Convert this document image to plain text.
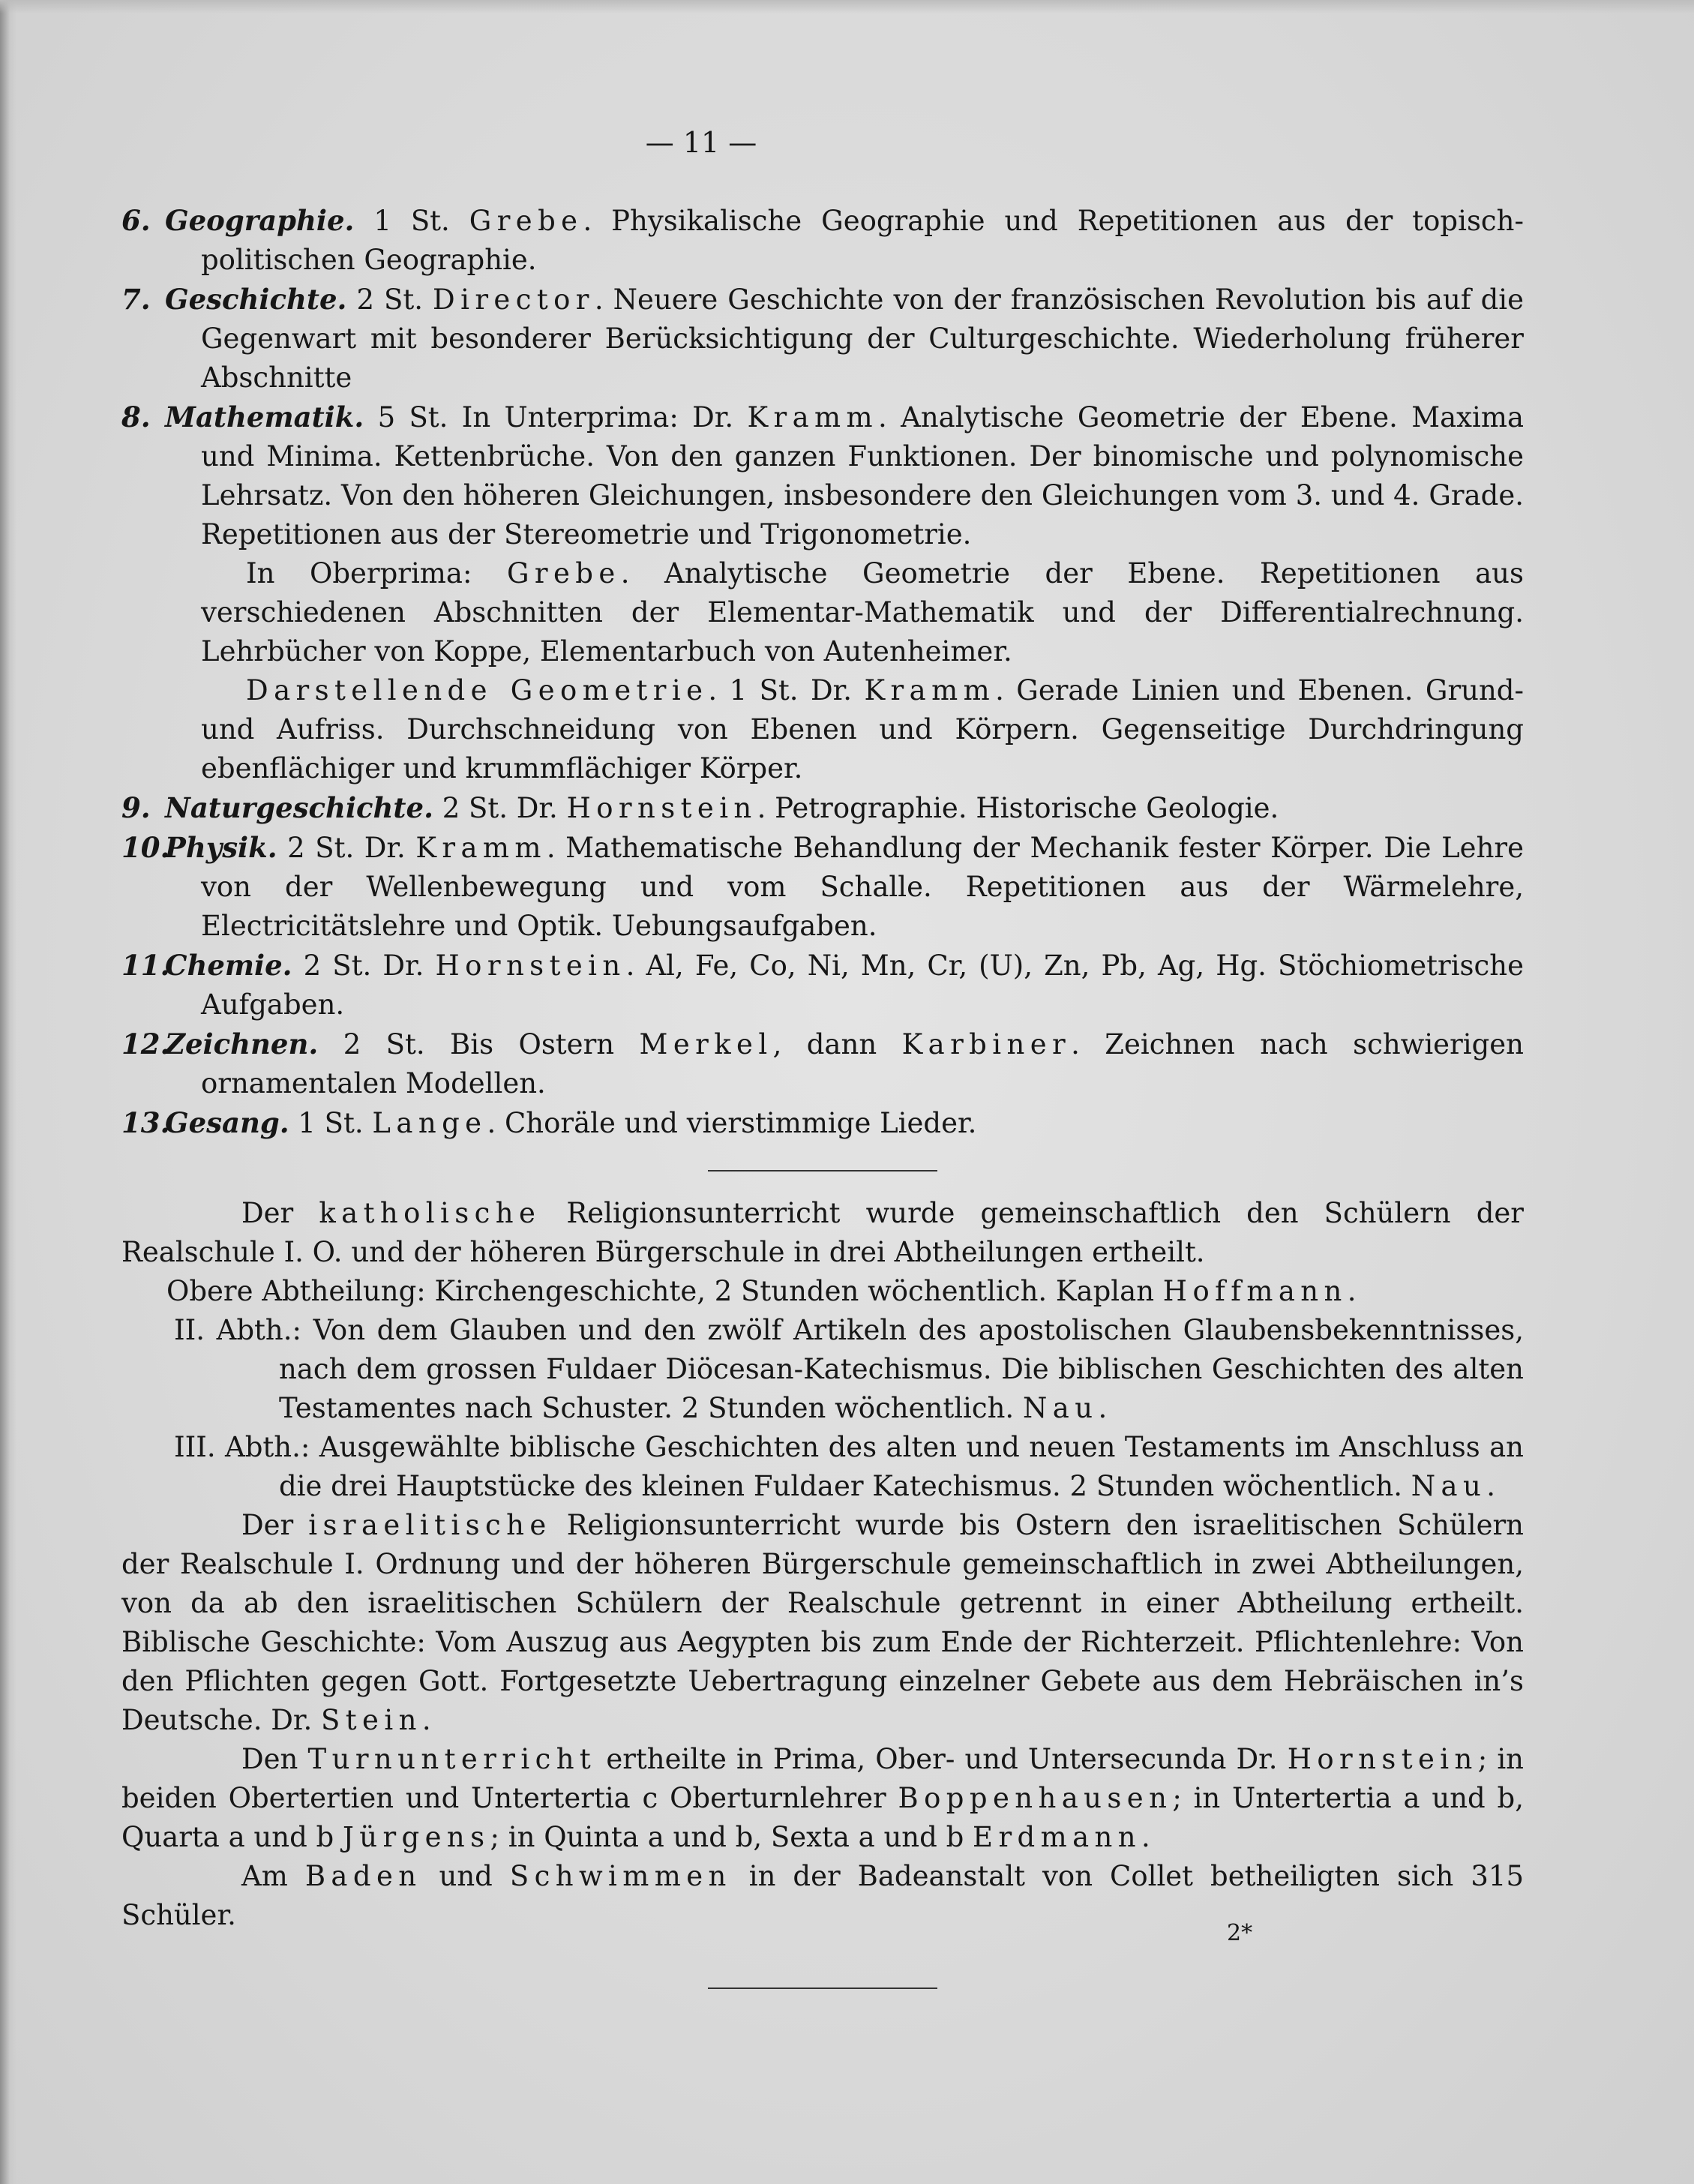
— 11 —

6. Geographie. 1 St. Grebe. Physikalische Geographie und Repetitionen aus der topisch-politischen Geographie.

7. Geschichte. 2 St. Director. Neuere Geschichte von der französischen Revolution bis auf die Gegenwart mit besonderer Berücksichtigung der Culturgeschichte. Wiederholung früherer Abschnitte

8. Mathematik. 5 St. In Unterprima: Dr. Kramm. Analytische Geometrie der Ebene. Maxima und Minima. Kettenbrüche. Von den ganzen Funktionen. Der binomische und polynomische Lehrsatz. Von den höheren Gleichungen, insbesondere den Gleichungen vom 3. und 4. Grade. Repetitionen aus der Stereometrie und Trigonometrie.

In Oberprima: Grebe. Analytische Geometrie der Ebene. Repetitionen aus verschiedenen Abschnitten der Elementar-Mathematik und der Differentialrechnung. Lehrbücher von Koppe, Elementarbuch von Autenheimer.

Darstellende Geometrie. 1 St. Dr. Kramm. Gerade Linien und Ebenen. Grund- und Aufriss. Durchschneidung von Ebenen und Körpern. Gegenseitige Durchdringung ebenflächiger und krummflächiger Körper.

9. Naturgeschichte. 2 St. Dr. Hornstein. Petrographie. Historische Geologie.

10.Physik. 2 St. Dr. Kramm. Mathematische Behandlung der Mechanik fester Körper. Die Lehre von der Wellenbewegung und vom Schalle. Repetitionen aus der Wärmelehre, Electricitätslehre und Optik. Uebungsaufgaben.

11.Chemie. 2 St. Dr. Hornstein. Al, Fe, Co, Ni, Mn, Cr, (U), Zn, Pb, Ag, Hg. Stöchiometrische Aufgaben.

12.Zeichnen. 2 St. Bis Ostern Merkel, dann Karbiner. Zeichnen nach schwierigen ornamentalen Modellen.

13.Gesang. 1 St. Lange. Choräle und vierstimmige Lieder.

Der katholische Religionsunterricht wurde gemeinschaftlich den Schülern der Realschule I. O. und der höheren Bürgerschule in drei Abtheilungen ertheilt.

Obere Abtheilung: Kirchengeschichte, 2 Stunden wöchentlich. Kaplan Hoffmann.

II. Abth.: Von dem Glauben und den zwölf Artikeln des apostolischen Glaubensbekenntnisses, nach dem grossen Fuldaer Diöcesan-Katechismus. Die biblischen Geschichten des alten Testamentes nach Schuster. 2 Stunden wöchentlich. Nau.

III. Abth.: Ausgewählte biblische Geschichten des alten und neuen Testaments im Anschluss an die drei Hauptstücke des kleinen Fuldaer Katechismus. 2 Stunden wöchentlich. Nau.

Der israelitische Religionsunterricht wurde bis Ostern den israelitischen Schülern der Realschule I. Ordnung und der höheren Bürgerschule gemeinschaftlich in zwei Abtheilungen, von da ab den israelitischen Schülern der Realschule getrennt in einer Abtheilung ertheilt. Biblische Geschichte: Vom Auszug aus Aegypten bis zum Ende der Richterzeit. Pflichtenlehre: Von den Pflichten gegen Gott. Fortgesetzte Uebertragung einzelner Gebete aus dem Hebräischen in’s Deutsche. Dr. Stein.

Den Turnunterricht ertheilte in Prima, Ober- und Untersecunda Dr. Hornstein; in beiden Obertertien und Untertertia c Oberturnlehrer Boppenhausen; in Untertertia a und b, Quarta a und b Jürgens; in Quinta a und b, Sexta a und b Erdmann.

Am Baden und Schwimmen in der Badeanstalt von Collet betheiligten sich 315 Schüler.

2*
